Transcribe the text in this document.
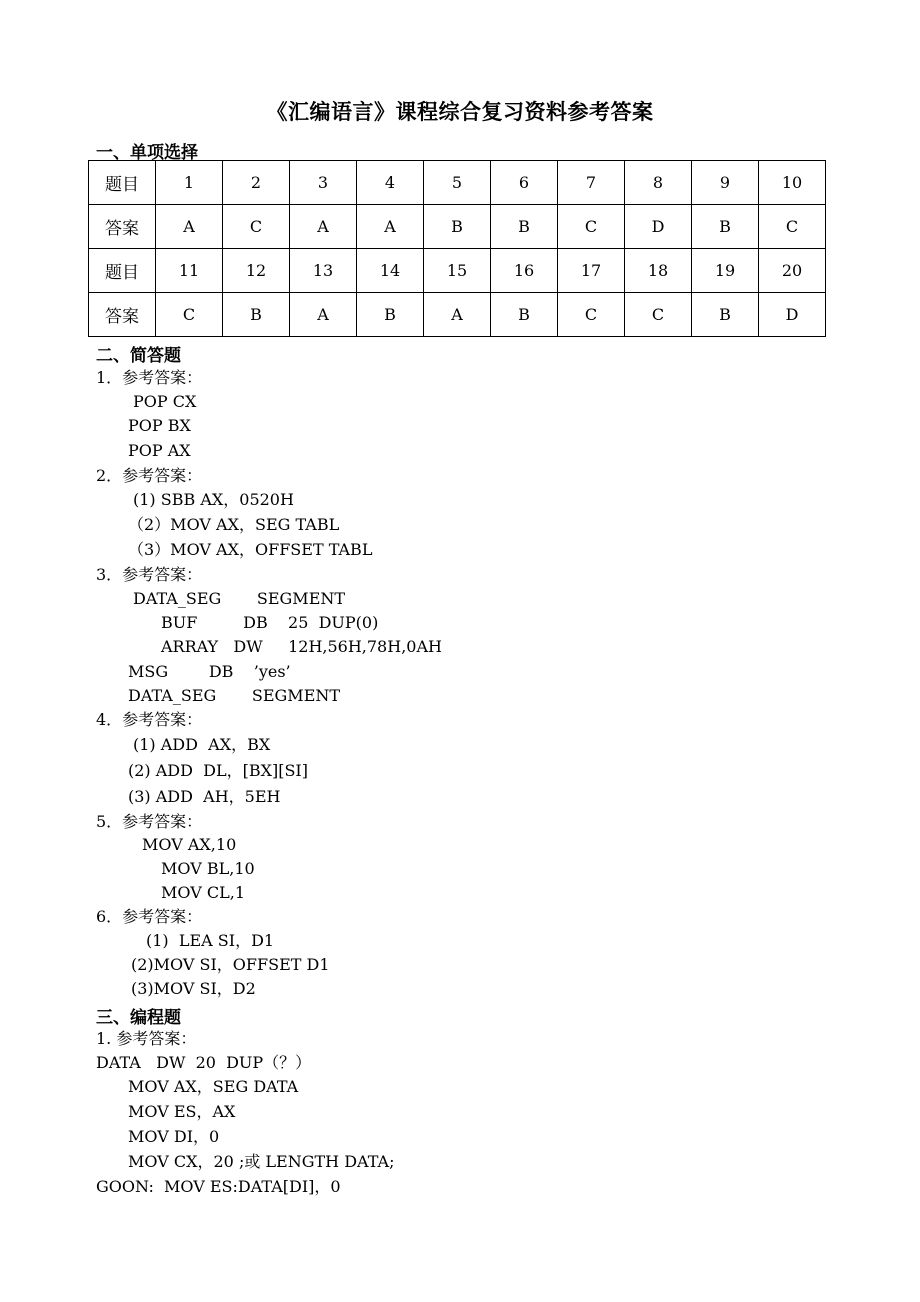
《汇编语言》课程综合复习资料参考答案
一、单项选择
题目	1	2	3	4	5	6	7	8	9	10
答案	A	C	A	A	B	B	C	D	B	C
题目	11	12	13	14	15	16	17	18	19	20
答案	C	B	A	B	A	B	C	C	B	D
二、简答题
1．参考答案：
POP CX
POP BX
POP AX
2．参考答案：
(1) SBB AX，0520H
（2）MOV AX，SEG TABL
（3）MOV AX，OFFSET TABL
3．参考答案：
DATA_SEG       SEGMENT
BUF         DB    25  DUP(0)
ARRAY   DW     12H,56H,78H,0AH
MSG        DB    ’yes’
DATA_SEG       SEGMENT
4．参考答案：
(1) ADD  AX，BX
(2) ADD  DL，[BX][SI]
(3) ADD  AH，5EH
5．参考答案：
MOV AX,10
MOV BL,10
MOV CL,1
6．参考答案：
(1)  LEA SI，D1
(2)MOV SI，OFFSET D1
(3)MOV SI，D2
三、编程题
1. 参考答案：
DATA   DW  20  DUP（？）
MOV AX，SEG DATA
MOV ES，AX
MOV DI，0
MOV CX，20 ;或 LENGTH DATA;
GOON:  MOV ES:DATA[DI]，0
